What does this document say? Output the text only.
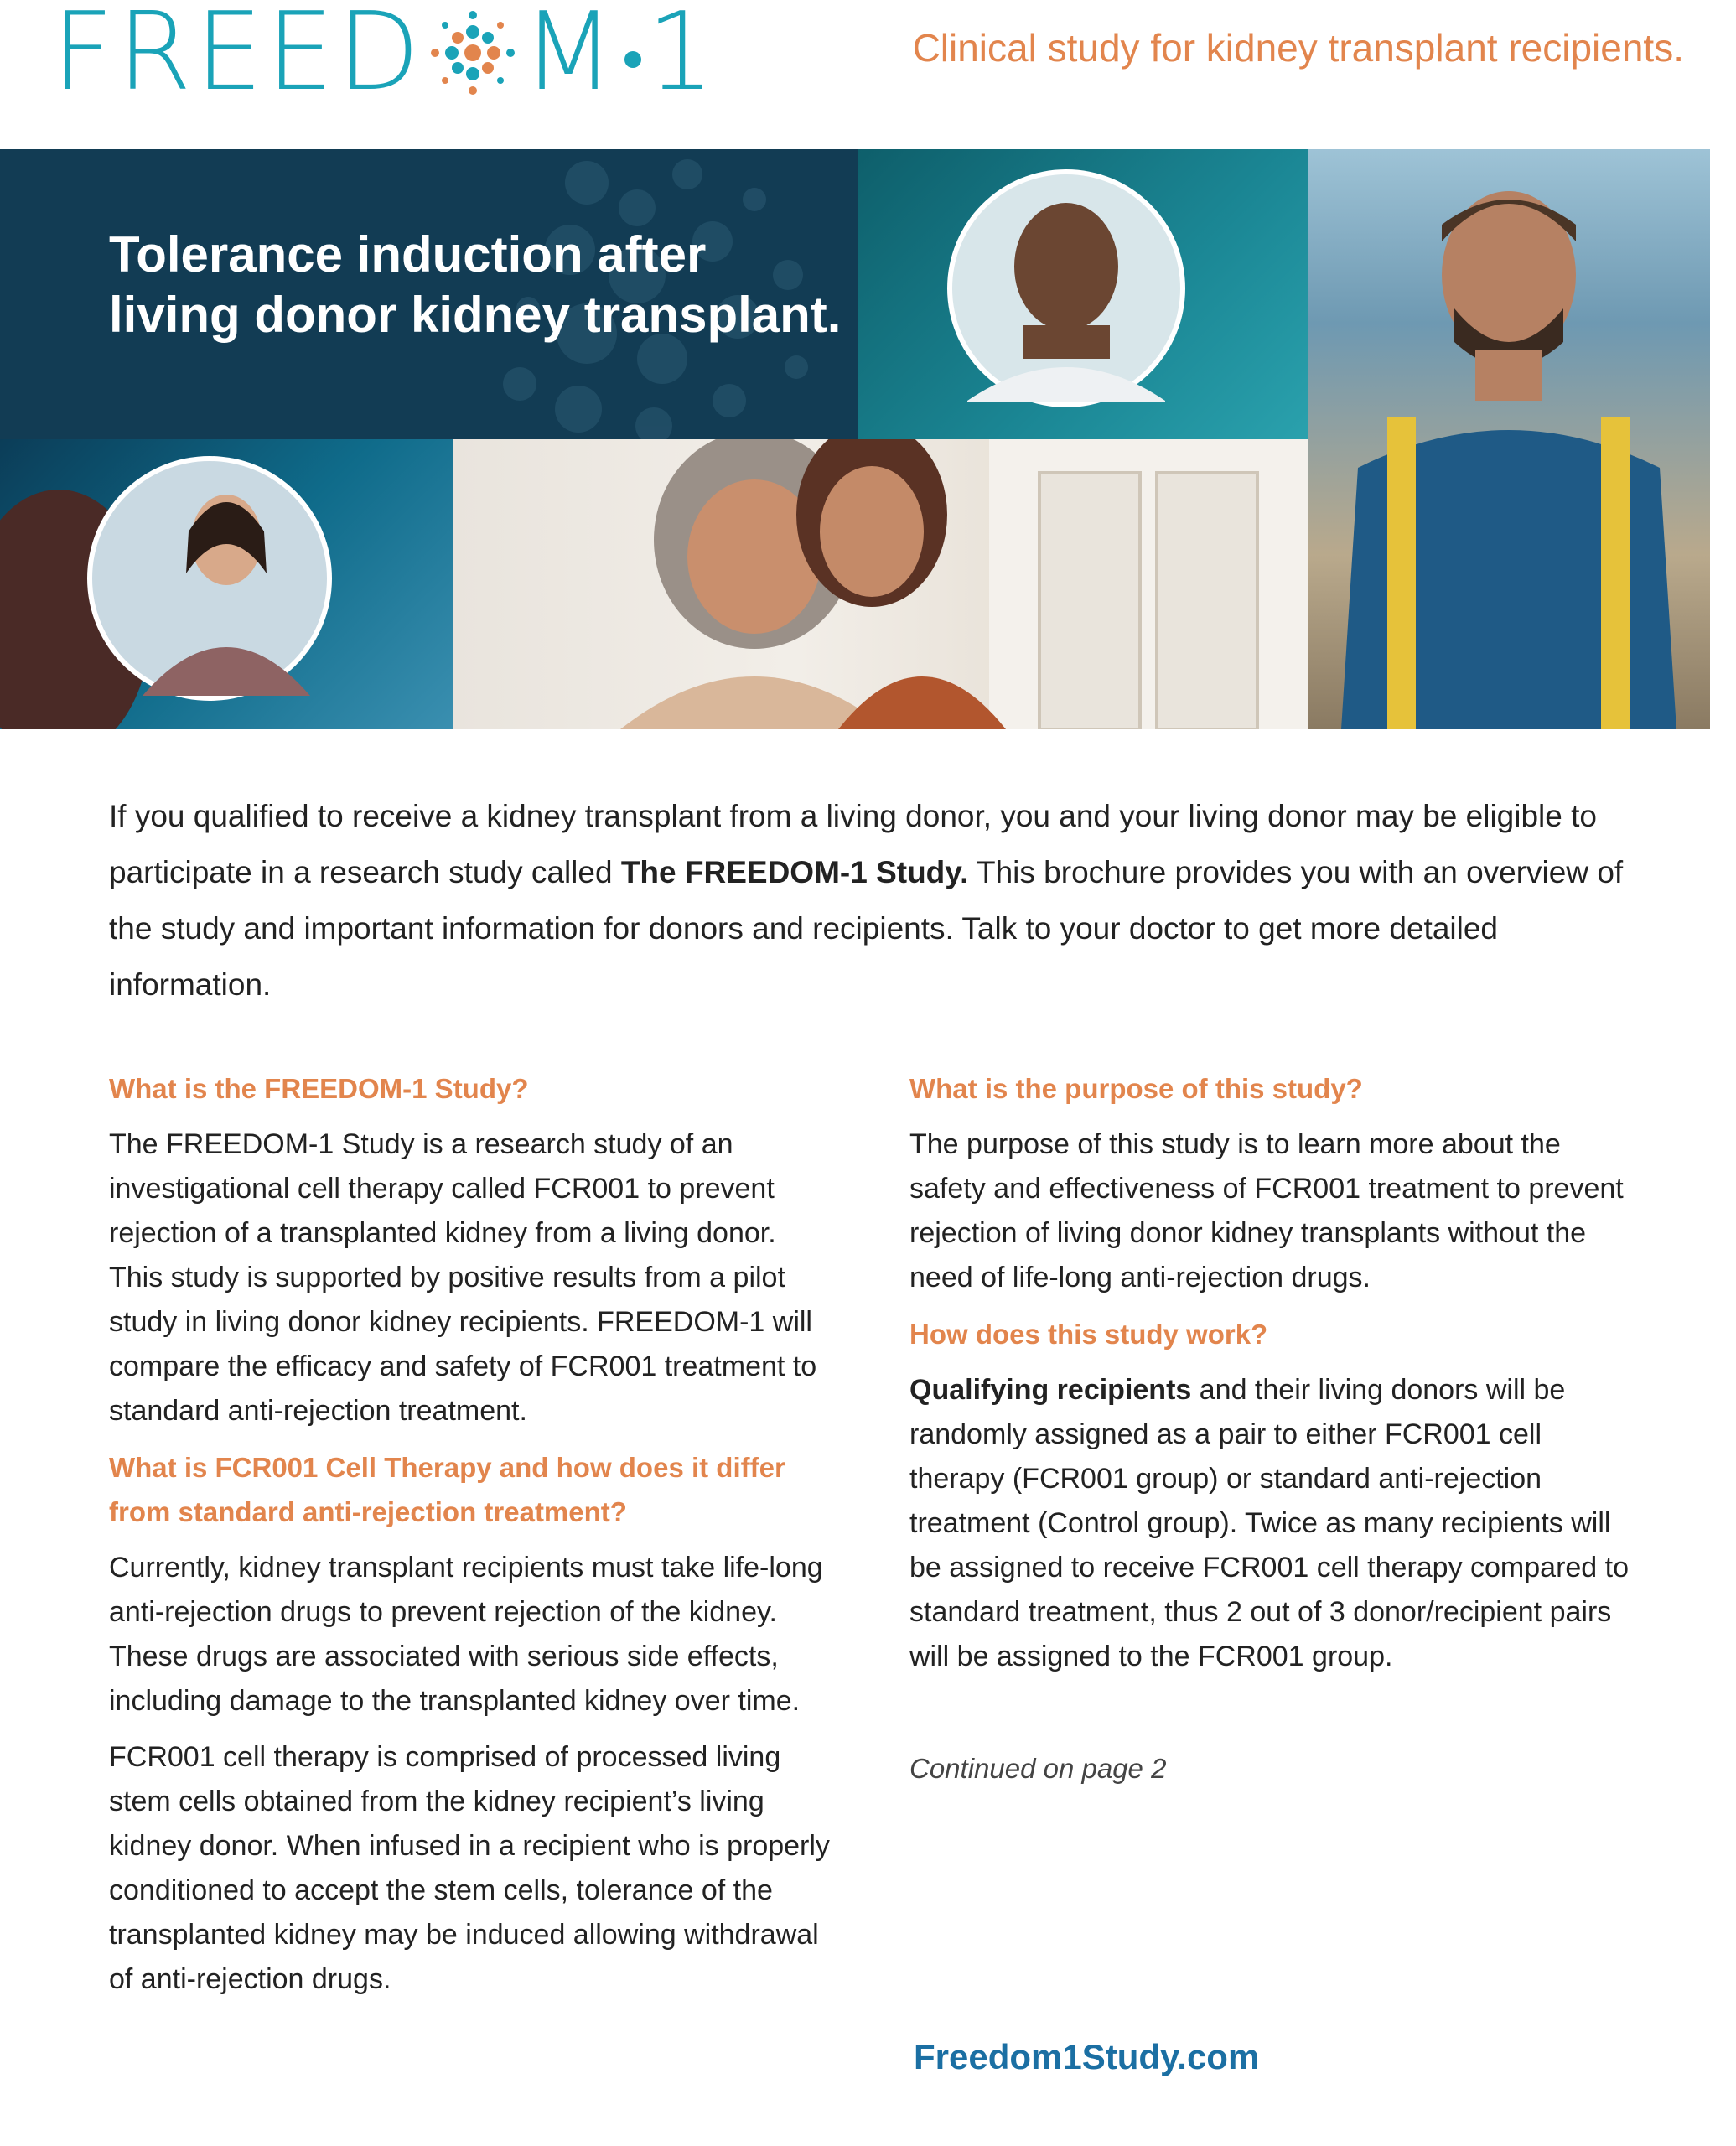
FREED M 1	Clinical study for kidney transplant recipients.
Tolerance induction after living donor kidney transplant.
If you qualified to receive a kidney transplant from a living donor, you and your living donor may be eligible to participate in a research study called The FREEDOM-1 Study. This brochure provides you with an overview of the study and important information for donors and recipients. Talk to your doctor to get more detailed information.
What is the FREEDOM-1 Study?
The FREEDOM-1 Study is a research study of an investigational cell therapy called FCR001 to prevent rejection of a transplanted kidney from a living donor. This study is supported by positive results from a pilot study in living donor kidney recipients. FREEDOM-1 will compare the efficacy and safety of FCR001 treatment to standard anti-rejection treatment.
What is FCR001 Cell Therapy and how does it differ from standard anti-rejection treatment?
Currently, kidney transplant recipients must take life-long anti-rejection drugs to prevent rejection of the kidney. These drugs are associated with serious side effects, including damage to the transplanted kidney over time.
FCR001 cell therapy is comprised of processed living stem cells obtained from the kidney recipient’s living kidney donor. When infused in a recipient who is properly conditioned to accept the stem cells, tolerance of the transplanted kidney may be induced allowing withdrawal of anti-rejection drugs.
What is the purpose of this study?
The purpose of this study is to learn more about the safety and effectiveness of FCR001 treatment to prevent rejection of living donor kidney transplants without the need of life-long anti-rejection drugs.
How does this study work?
Qualifying recipients and their living donors will be randomly assigned as a pair to either FCR001 cell therapy (FCR001 group) or standard anti-rejection treatment (Control group). Twice as many recipients will be assigned to receive FCR001 cell therapy compared to standard treatment, thus 2 out of 3 donor/recipient pairs will be assigned to the FCR001 group.
Continued on page 2
Freedom1Study.com
